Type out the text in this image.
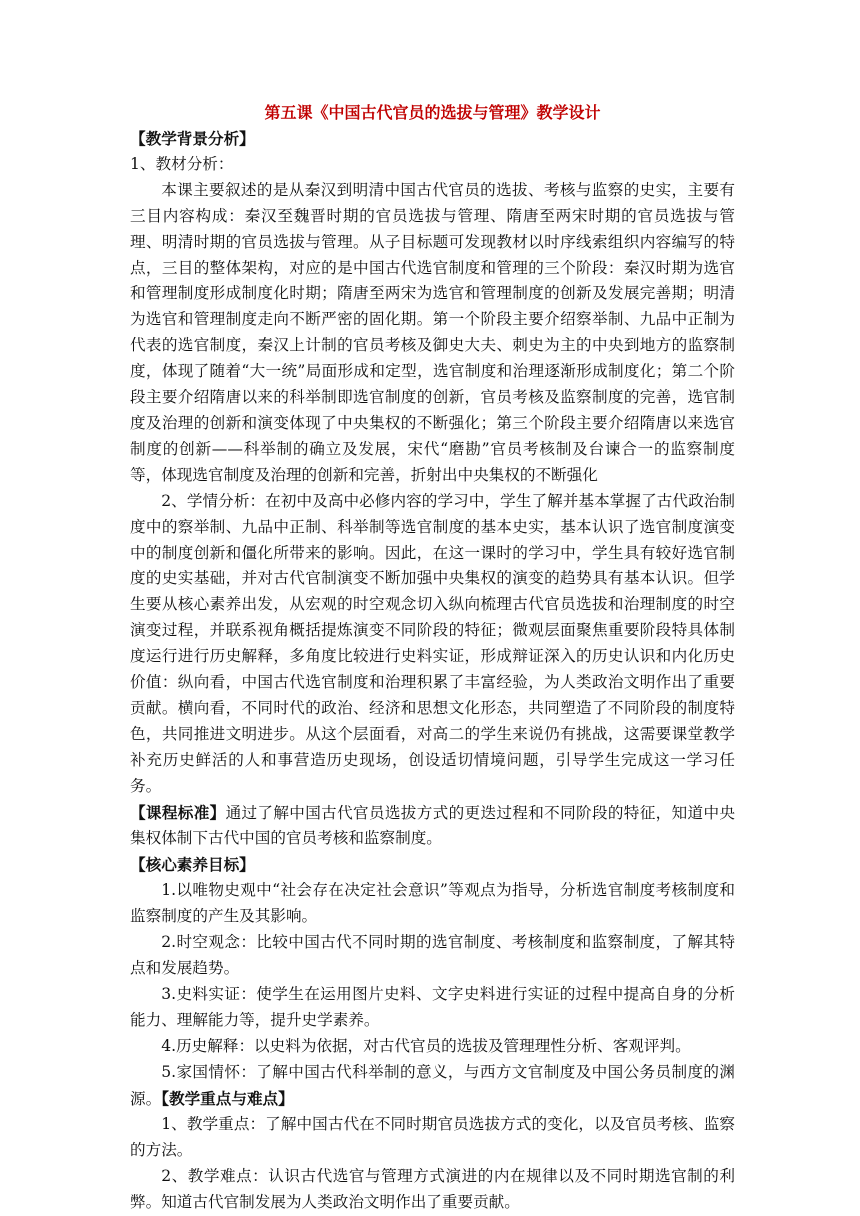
第五课《中国古代官员的选拔与管理》教学设计

【教学背景分析】

1、教材分析：

本课主要叙述的是从秦汉到明清中国古代官员的选拔、考核与监察的史实，主要有三目内容构成：秦汉至魏晋时期的官员选拔与管理、隋唐至两宋时期的官员选拔与管理、明清时期的官员选拔与管理。从子目标题可发现教材以时序线索组织内容编写的特点，三目的整体架构，对应的是中国古代选官制度和管理的三个阶段：秦汉时期为选官和管理制度形成制度化时期；隋唐至两宋为选官和管理制度的创新及发展完善期；明清为选官和管理制度走向不断严密的固化期。第一个阶段主要介绍察举制、九品中正制为代表的选官制度，秦汉上计制的官员考核及御史大夫、刺史为主的中央到地方的监察制度，体现了随着“大一统”局面形成和定型，选官制度和治理逐渐形成制度化；第二个阶段主要介绍隋唐以来的科举制即选官制度的创新，官员考核及监察制度的完善，选官制度及治理的创新和演变体现了中央集权的不断强化；第三个阶段主要介绍隋唐以来选官制度的创新——科举制的确立及发展，宋代“磨勘”官员考核制及台谏合一的监察制度等，体现选官制度及治理的创新和完善，折射出中央集权的不断强化

2、学情分析：在初中及高中必修内容的学习中，学生了解并基本掌握了古代政治制度中的察举制、九品中正制、科举制等选官制度的基本史实，基本认识了选官制度演变中的制度创新和僵化所带来的影响。因此，在这一课时的学习中，学生具有较好选官制度的史实基础，并对古代官制演变不断加强中央集权的演变的趋势具有基本认识。但学生要从核心素养出发，从宏观的时空观念切入纵向梳理古代官员选拔和治理制度的时空演变过程，并联系视角概括提炼演变不同阶段的特征；微观层面聚焦重要阶段特具体制度运行进行历史解释，多角度比较进行史料实证，形成辩证深入的历史认识和内化历史价值：纵向看，中国古代选官制度和治理积累了丰富经验，为人类政治文明作出了重要贡献。横向看，不同时代的政治、经济和思想文化形态，共同塑造了不同阶段的制度特色，共同推进文明进步。从这个层面看，对高二的学生来说仍有挑战，这需要课堂教学补充历史鲜活的人和事营造历史现场，创设适切情境问题，引导学生完成这一学习任务。

【课程标准】通过了解中国古代官员选拔方式的更迭过程和不同阶段的特征，知道中央集权体制下古代中国的官员考核和监察制度。

【核心素养目标】

1.以唯物史观中“社会存在决定社会意识”等观点为指导，分析选官制度考核制度和监察制度的产生及其影响。

2.时空观念：比较中国古代不同时期的选官制度、考核制度和监察制度，了解其特点和发展趋势。

3.史料实证：使学生在运用图片史料、文字史料进行实证的过程中提高自身的分析能力、理解能力等，提升史学素养。

4.历史解释：以史料为依据，对古代官员的选拔及管理理性分析、客观评判。

5.家国情怀：了解中国古代科举制的意义，与西方文官制度及中国公务员制度的渊源。【教学重点与难点】

1、教学重点：了解中国古代在不同时期官员选拔方式的变化，以及官员考核、监察的方法。

2、教学难点：认识古代选官与管理方式演进的内在规律以及不同时期选官制的利弊。知道古代官制发展为人类政治文明作出了重要贡献。
